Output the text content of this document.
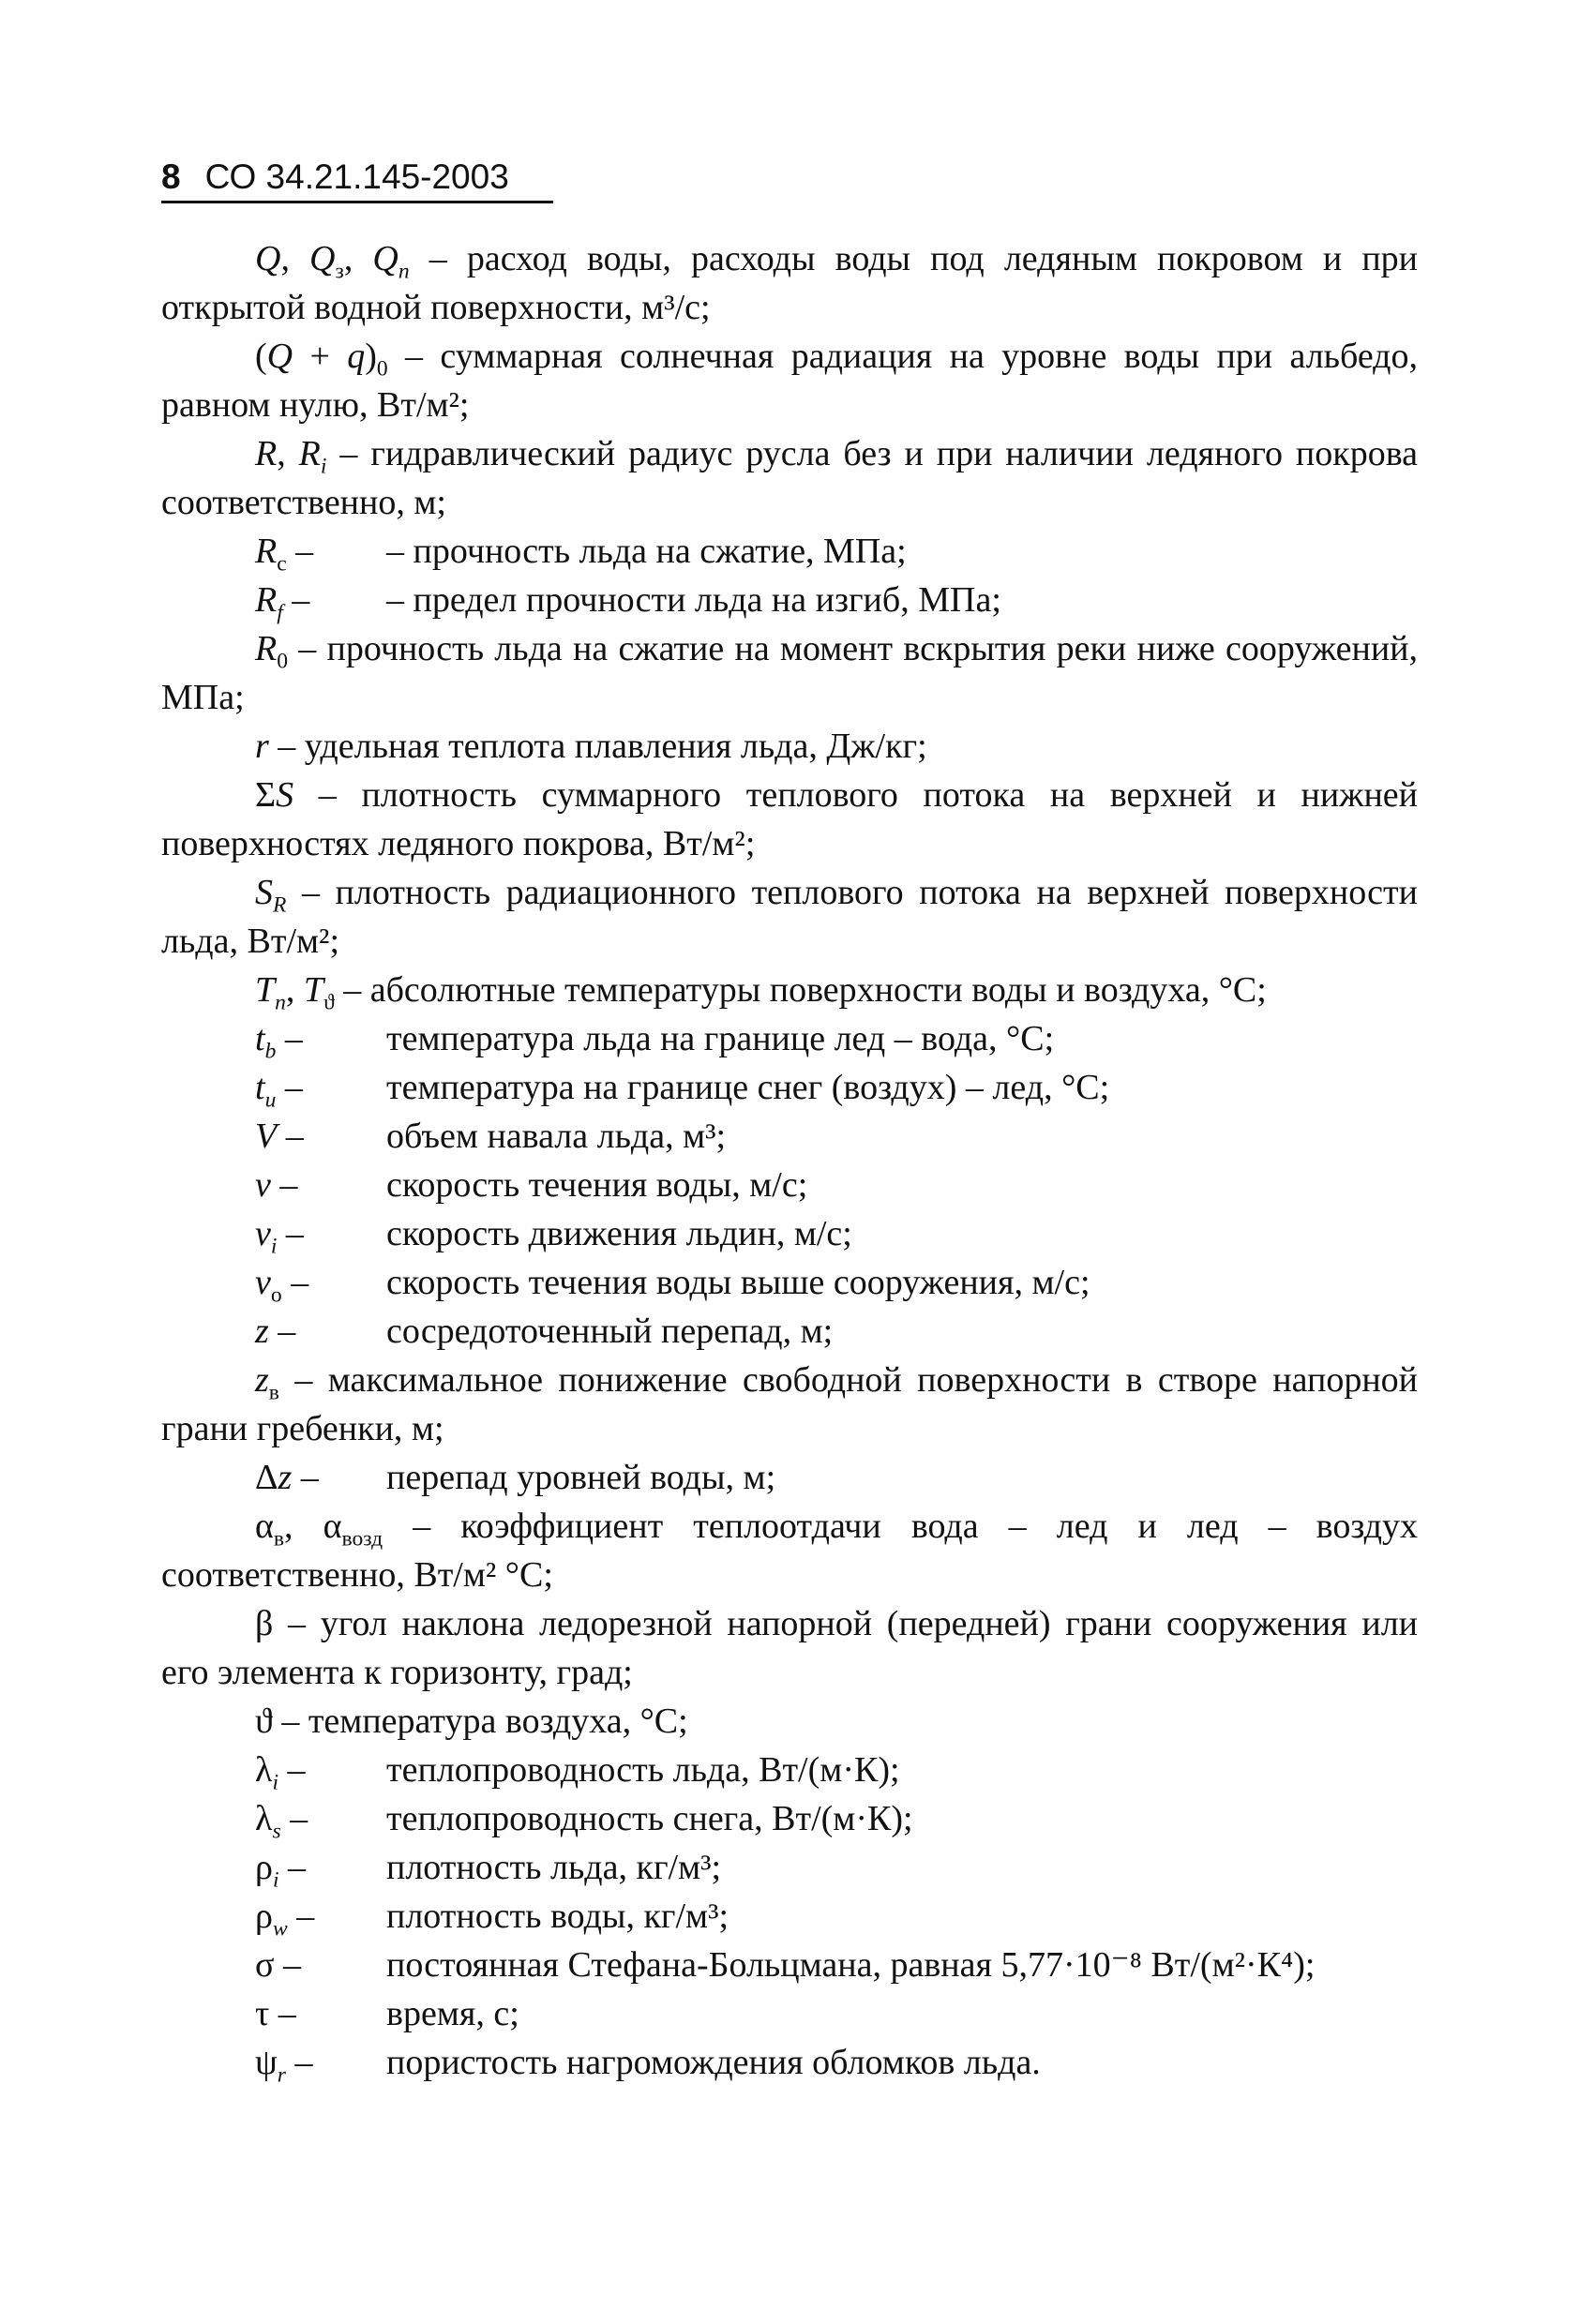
8 СО 34.21.145-2003
Q, $Q_з$, $Q_п$ – расход воды, расходы воды под ледяным покровом и при открытой водной поверхности, м³/с;
$(Q + q)_0$ – суммарная солнечная радиация на уровне воды при альбедо, равном нулю, Вт/м²;
R, $R_i$ – гидравлический радиус русла без и при наличии ледяного покрова соответственно, м;
$R_с$ –	– прочность льда на сжатие, МПа;
$R_f$ –	– предел прочности льда на изгиб, МПа;
$R_0$ – прочность льда на сжатие на момент вскрытия реки ниже сооружений, МПа;
r – удельная теплота плавления льда, Дж/кг;
ΣS – плотность суммарного теплового потока на верхней и нижней поверхностях ледяного покрова, Вт/м²;
$S_R$ – плотность радиационного теплового потока на верхней поверхности льда, Вт/м²;
$T_п$, $T_ϑ$ – абсолютные температуры поверхности воды и воздуха, °С;
$t_b$ –	температура льда на границе лед – вода, °С;
$t_и$ –	температура на границе снег (воздух) – лед, °С;
V –	объем навала льда, м³;
v –	скорость течения воды, м/с;
$v_i$ –	скорость движения льдин, м/с;
$v_о$ –	скорость течения воды выше сооружения, м/с;
z –	сосредоточенный перепад, м;
$z_в$ – максимальное понижение свободной поверхности в створе напорной грани гребенки, м;
Δz –	перепад уровней воды, м;
$\alpha_в$, $\alpha_{возд}$ – коэффициент теплоотдачи вода – лед и лед – воздух соответственно, Вт/м² °С;
β – угол наклона ледорезной напорной (передней) грани сооружения или его элемента к горизонту, град;
ϑ – температура воздуха, °С;
$\lambda_i$ –	теплопроводность льда, Вт/(м·К);
$\lambda_s$ –	теплопроводность снега, Вт/(м·К);
$\rho_i$ –	плотность льда, кг/м³;
$\rho_w$ –	плотность воды, кг/м³;
σ –	постоянная Стефана-Больцмана, равная 5,77·10⁻⁸ Вт/(м²·К⁴);
τ –	время, с;
$\psi_r$ –	пористость нагромождения обломков льда.
